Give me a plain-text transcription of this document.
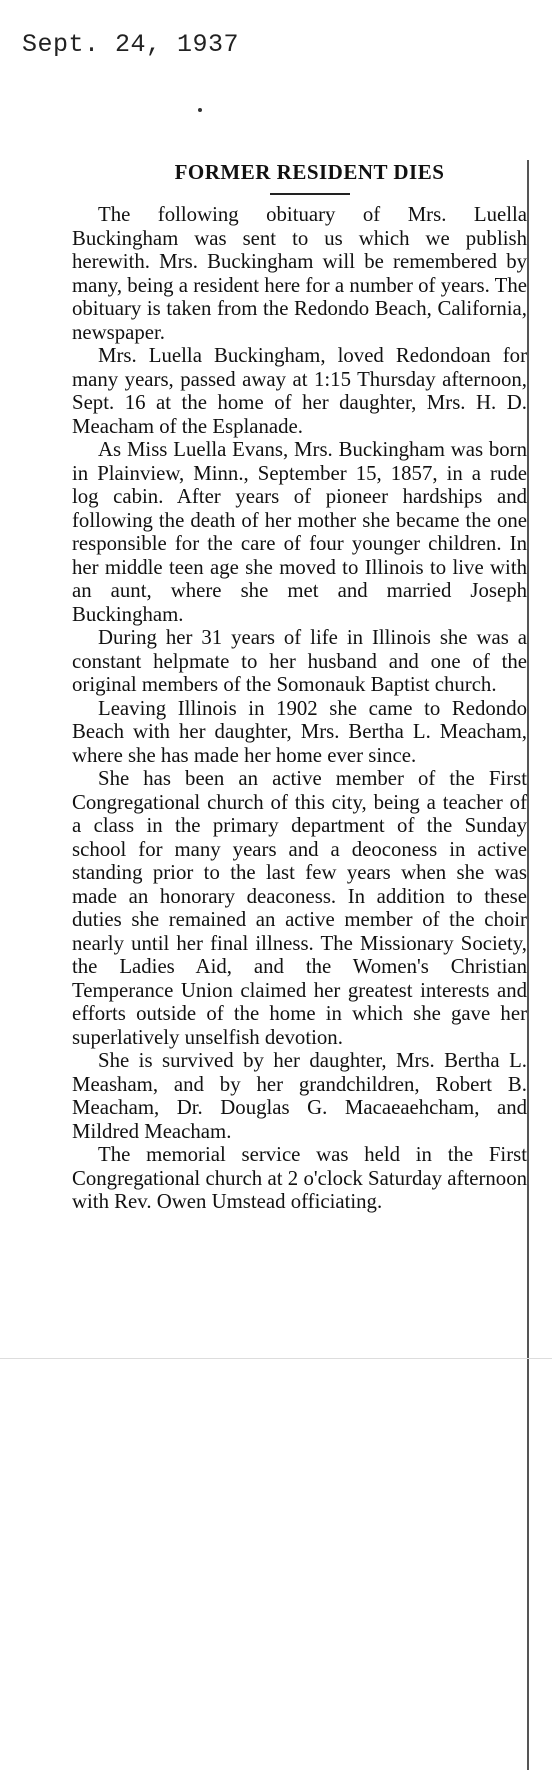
Sept. 24, 1937
FORMER RESIDENT DIES

The following obituary of Mrs. Luella Buckingham was sent to us which we publish herewith. Mrs. Buckingham will be remembered by many, being a resident here for a number of years. The obituary is taken from the Redondo Beach, California, newspaper.

Mrs. Luella Buckingham, loved Redondoan for many years, passed away at 1:15 Thursday afternoon, Sept. 16 at the home of her daughter, Mrs. H. D. Meacham of the Esplanade.

As Miss Luella Evans, Mrs. Buckingham was born in Plainview, Minn., September 15, 1857, in a rude log cabin. After years of pioneer hardships and following the death of her mother she became the one responsible for the care of four younger children. In her middle teen age she moved to Illinois to live with an aunt, where she met and married Joseph Buckingham.

During her 31 years of life in Illinois she was a constant helpmate to her husband and one of the original members of the Somonauk Baptist church.

Leaving Illinois in 1902 she came to Redondo Beach with her daughter, Mrs. Bertha L. Meacham, where she has made her home ever since.

She has been an active member of the First Congregational church of this city, being a teacher of a class in the primary department of the Sunday school for many years and a deoconess in active standing prior to the last few years when she was made an honorary deaconess. In addition to these duties she remained an active member of the choir nearly until her final illness. The Missionary Society, the Ladies Aid, and the Women's Christian Temperance Union claimed her greatest interests and efforts outside of the home in which she gave her superlatively unselfish devotion.

She is survived by her daughter, Mrs. Bertha L. Measham, and by her grandchildren, Robert B. Meacham, Dr. Douglas G. Macaeaehcham, and Mildred Meacham.

The memorial service was held in the First Congregational church at 2 o'clock Saturday afternoon with Rev. Owen Umstead officiating.
